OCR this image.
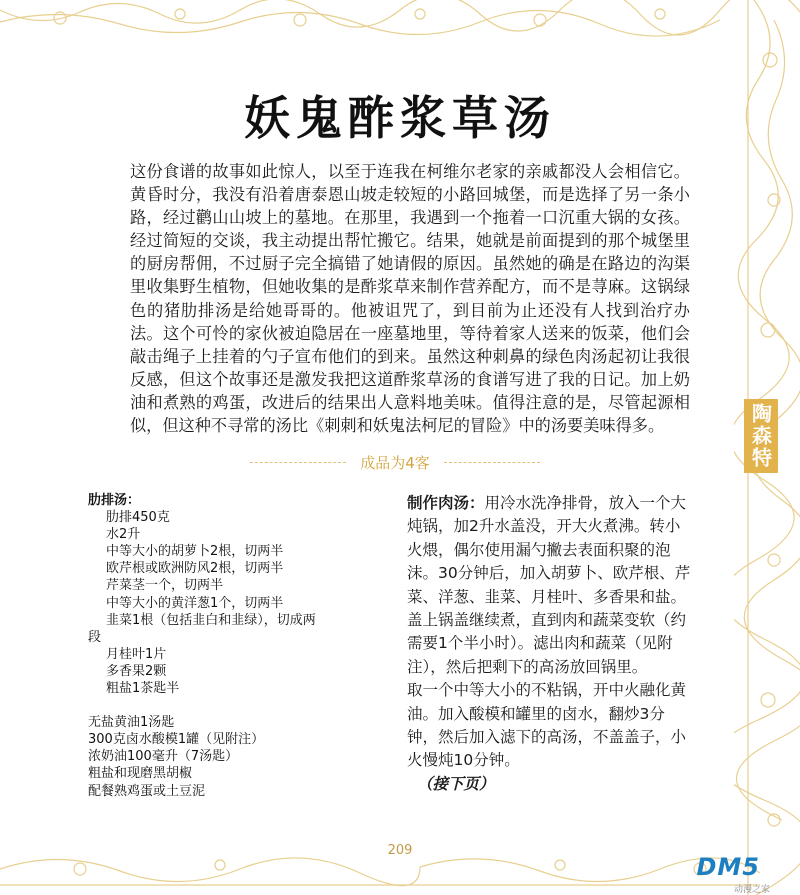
陶森特
妖鬼酢浆草汤
这份食谱的故事如此惊人，以至于连我在柯维尔老家的亲戚都没人会相信它。黄昏时分，我没有沿着唐泰恩山坡走较短的小路回城堡，而是选择了另一条小路，经过鹳山山坡上的墓地。在那里，我遇到一个拖着一口沉重大锅的女孩。经过简短的交谈，我主动提出帮忙搬它。结果，她就是前面提到的那个城堡里的厨房帮佣，不过厨子完全搞错了她请假的原因。虽然她的确是在路边的沟渠里收集野生植物，但她收集的是酢浆草来制作营养配方，而不是荨麻。这锅绿色的猪肋排汤是给她哥哥的。他被诅咒了，到目前为止还没有人找到治疗办法。这个可怜的家伙被迫隐居在一座墓地里，等待着家人送来的饭菜，他们会敲击绳子上挂着的勺子宣布他们的到来。虽然这种刺鼻的绿色肉汤起初让我很反感，但这个故事还是激发我把这道酢浆草汤的食谱写进了我的日记。加上奶油和煮熟的鸡蛋，改进后的结果出人意料地美味。值得注意的是，尽管起源相似，但这种不寻常的汤比《刺刺和妖鬼法柯尼的冒险》中的汤要美味得多。
成品为4客
肋排汤：
肋排450克
水2升
中等大小的胡萝卜2根，切两半
欧芹根或欧洲防风2根，切两半
芹菜茎一个，切两半
中等大小的黄洋葱1个，切两半
韭菜1根（包括韭白和韭绿），切成两
段
月桂叶1片
多香果2颗
粗盐1茶匙半
无盐黄油1汤匙
300克卤水酸模1罐（见附注）
浓奶油100毫升（7汤匙）
粗盐和现磨黑胡椒
配餐熟鸡蛋或土豆泥
制作肉汤：用冷水洗净排骨，放入一个大炖锅，加2升水盖没，开大火煮沸。转小火煨，偶尔使用漏勺撇去表面积聚的泡沫。30分钟后，加入胡萝卜、欧芹根、芹菜、洋葱、韭菜、月桂叶、多香果和盐。盖上锅盖继续煮，直到肉和蔬菜变软（约需要1个半小时）。滤出肉和蔬菜（见附注），然后把剩下的高汤放回锅里。
取一个中等大小的不粘锅，开中火融化黄油。加入酸模和罐里的卤水，翻炒3分钟，然后加入滤下的高汤，不盖盖子，小火慢炖10分钟。
（接下页）
209
DM5
动漫之家
